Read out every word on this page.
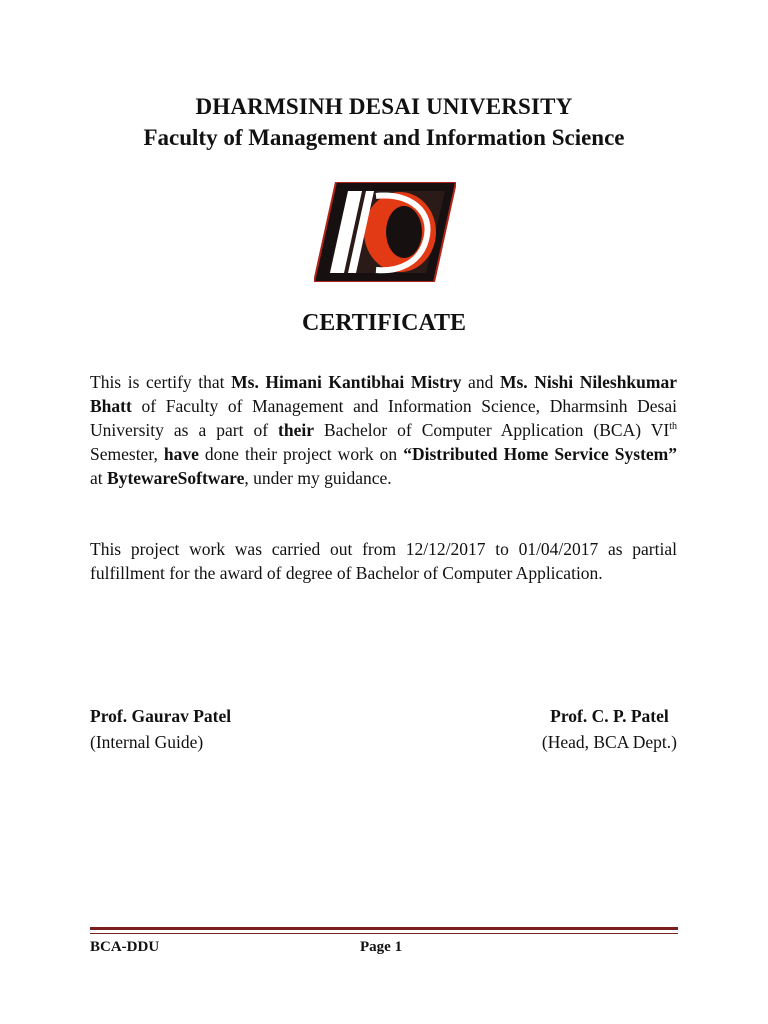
DHARMSINH DESAI UNIVERSITY
Faculty of Management and Information Science
CERTIFICATE
This is certify that Ms. Himani Kantibhai Mistry and Ms. Nishi Nileshkumar Bhatt of Faculty of Management and Information Science, Dharmsinh Desai University as a part of their Bachelor of Computer Application (BCA) VIth Semester, have done their project work on “Distributed Home Service System” at BytewareSoftware, under my guidance.
This project work was carried out from 12/12/2017 to 01/04/2017 as partial fulfillment for the award of degree of Bachelor of Computer Application.
Prof. Gaurav Patel
(Internal Guide)
Prof. C. P. Patel
(Head, BCA Dept.)
BCA-DDU	Page 1
